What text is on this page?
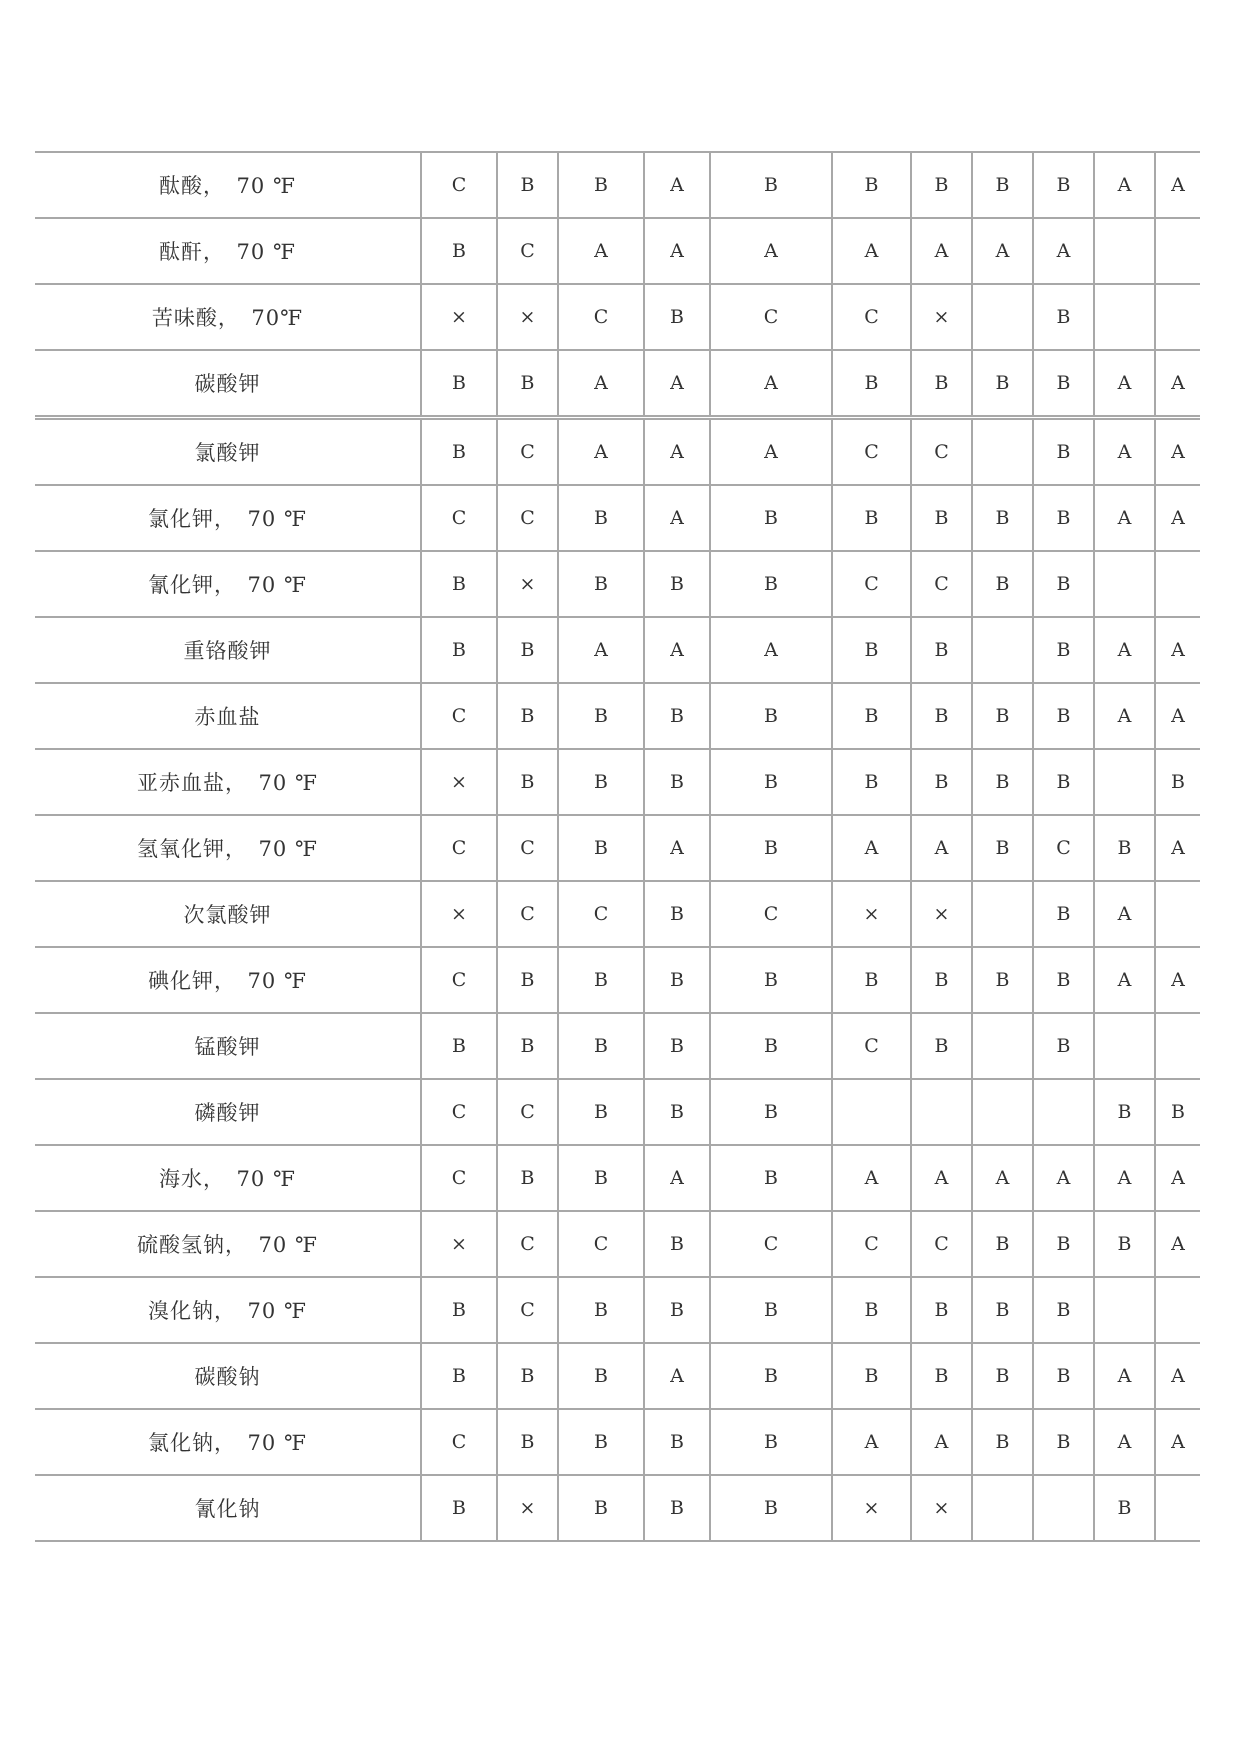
酞酸，　70 ℉	C	B	B	A	B	B	B	B	B	A	A
酞酐，　70 ℉	B	C	A	A	A	A	A	A	A		
苦味酸，　70℉	×	×	C	B	C	C	×		B		
碳酸钾	B	B	A	A	A	B	B	B	B	A	A
氯酸钾	B	C	A	A	A	C	C		B	A	A
氯化钾，　70 ℉	C	C	B	A	B	B	B	B	B	A	A
氰化钾，　70 ℉	B	×	B	B	B	C	C	B	B		
重铬酸钾	B	B	A	A	A	B	B		B	A	A
赤血盐	C	B	B	B	B	B	B	B	B	A	A
亚赤血盐，　70 ℉	×	B	B	B	B	B	B	B	B		B
氢氧化钾，　70 ℉	C	C	B	A	B	A	A	B	C	B	A
次氯酸钾	×	C	C	B	C	×	×		B	A	
碘化钾，　70 ℉	C	B	B	B	B	B	B	B	B	A	A
锰酸钾	B	B	B	B	B	C	B		B		
磷酸钾	C	C	B	B	B					B	B
海水，　70 ℉	C	B	B	A	B	A	A	A	A	A	A
硫酸氢钠，　70 ℉	×	C	C	B	C	C	C	B	B	B	A
溴化钠，　70 ℉	B	C	B	B	B	B	B	B	B		
碳酸钠	B	B	B	A	B	B	B	B	B	A	A
氯化钠，　70 ℉	C	B	B	B	B	A	A	B	B	A	A
氰化钠	B	×	B	B	B	×	×			B	
